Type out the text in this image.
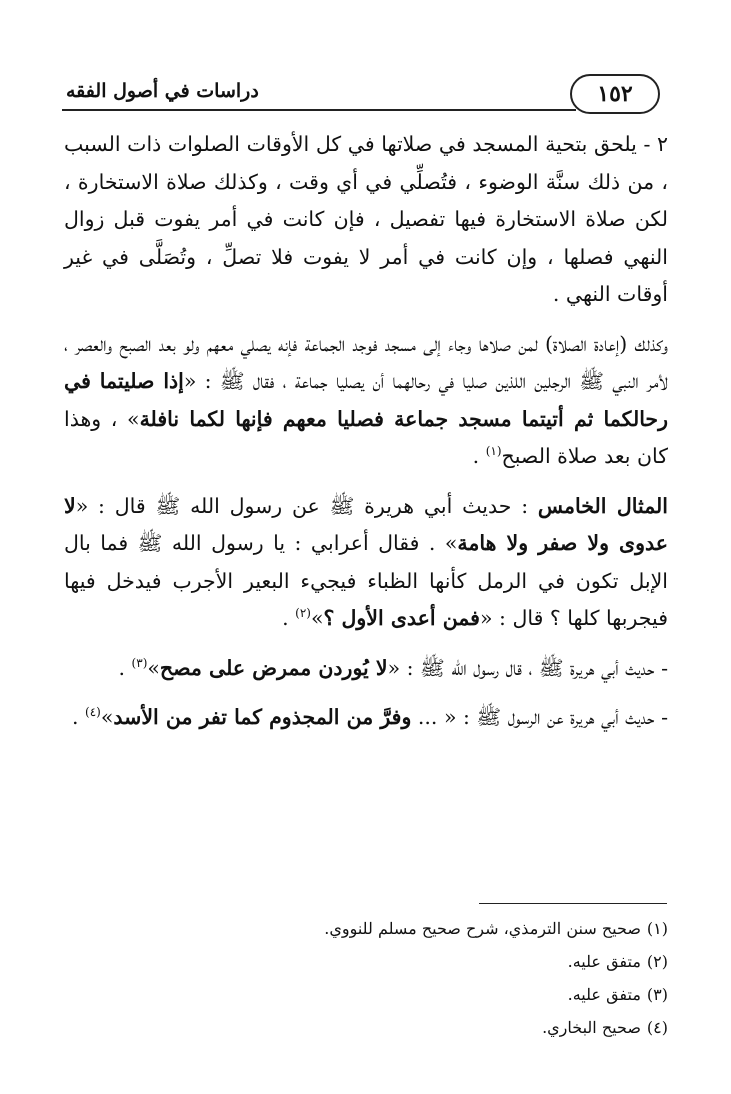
١٥٢
دراسات في أصول الفقه

٢ - يلحق بتحية المسجد في صلاتها في كل الأوقات الصلوات ذات السبب ، من ذلك سنَّة الوضوء ، فتُصلِّي في أي وقت ، وكذلك صلاة الاستخارة ، لكن صلاة الاستخارة فيها تفصيل ، فإن كانت في أمر يفوت قبل زوال النهي فصلها ، وإن كانت في أمر لا يفوت فلا تصلِّ ، وتُصَلَّى في غير أوقات النهي .

وكذلك (إعادة الصلاة) لمن صلاها وجاء إلى مسجد فوجد الجماعة فإنه يصلي معهم ولو بعد الصبح والعصر ، لأمر النبي ﷺ الرجلين اللذين صليا في رحالهما أن يصليا جماعة ، فقال ﷺ : «إذا صليتما في رحالكما ثم أتيتما مسجد جماعة فصليا معهم فإنها لكما نافلة» ، وهذا كان بعد صلاة الصبح$^{(١)}$ .

المثال الخامس : حديث أبي هريرة ﷺ عن رسول الله ﷺ قال : «لا عدوى ولا صفر ولا هامة» . فقال أعرابي : يا رسول الله ﷺ فما بال الإبل تكون في الرمل كأنها الظباء فيجيء البعير الأجرب فيدخل فيها فيجربها كلها ؟ قال : «فمن أعدى الأول ؟»$^{(٢)}$ .

- حديث أبي هريرة ﷺ ، قال رسول الله ﷺ : «لا يُوردن ممرض على مصح»$^{(٣)}$ .

- حديث أبي هريرة عن الرسول ﷺ : « ... وفرَّ من المجذوم كما تفر من الأسد»$^{(٤)}$ .

(١)صحيح سنن الترمذي، شرح صحيح مسلم للنووي.

(٢)متفق عليه.

(٣)متفق عليه.

(٤)صحيح البخاري.
